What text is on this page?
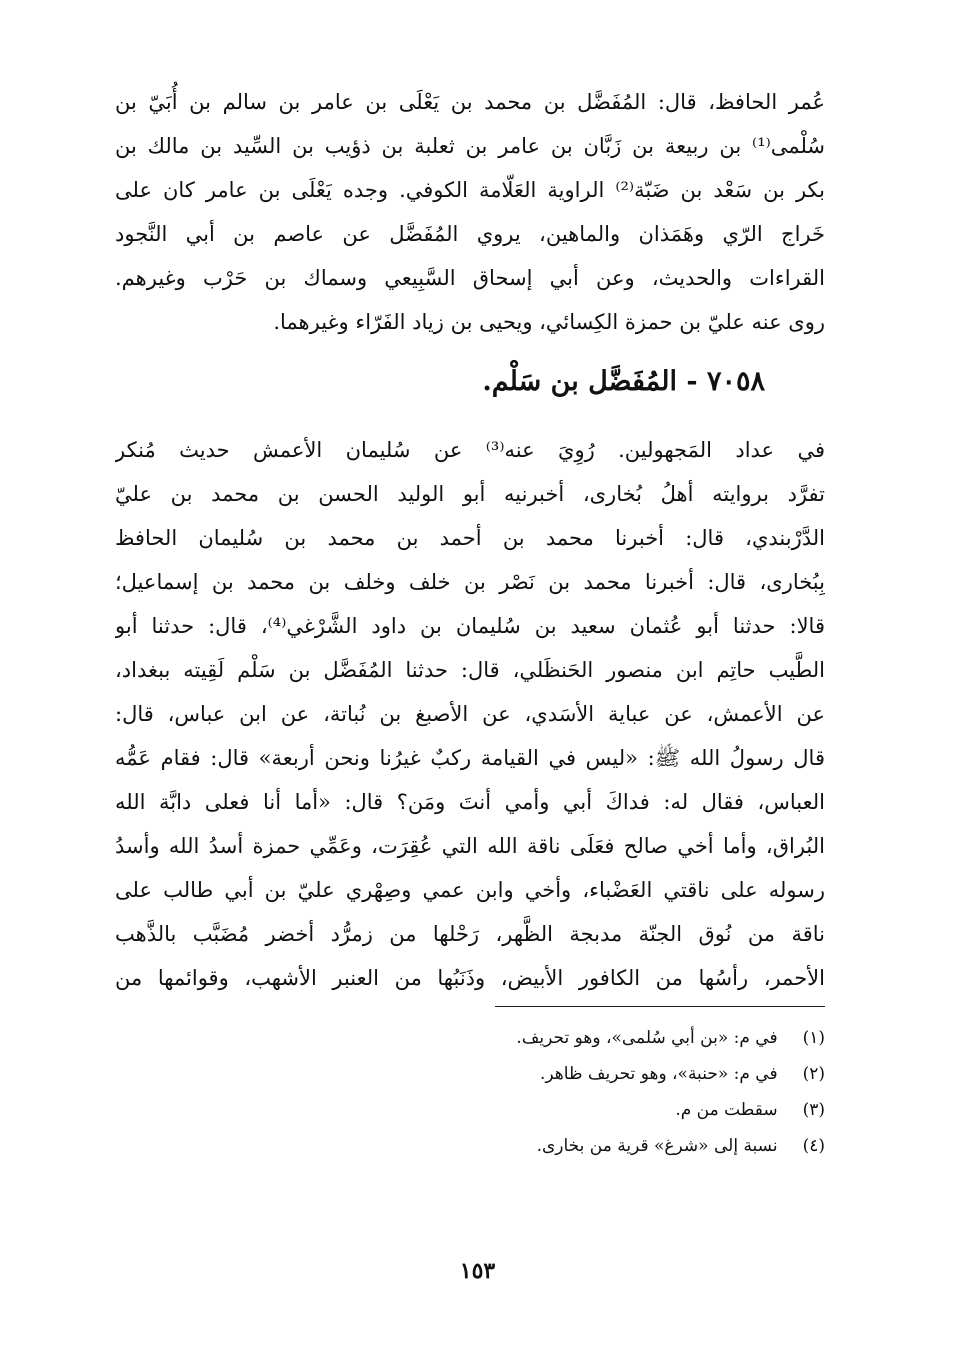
عُمر الحافظ، قال: المُفَضَّل بن محمد بن يَعْلَى بن عامر بن سالم بن أُبَيّ بن
سُلْمى⁽¹⁾ بن ربيعة بن زَبَّان بن عامر بن ثعلبة بن ذؤيب بن السِّيد بن مالك بن
بكر بن سَعْد بن ضَبّة⁽²⁾ الراوية العَلّامة الكوفي. وجده يَعْلَى بن عامر كان على
خَراج الرّي وهَمَذان والماهين، يروي المُفَضَّل عن عاصم بن أبي النَّجود
القراءات والحديث، وعن أبي إسحاق السَّبِيعي وسماك بن حَرْب وغيرهم.
روى عنه عليّ بن حمزة الكِسائي، ويحيى بن زياد الفَرّاء وغيرهما.
٧٠٥٨ - المُفَضَّل بن سَلْم.
في عداد المَجهولين. رُوِيَ عنه⁽³⁾ عن سُليمان الأعمش حديث مُنكر
تفرَّد بروايته أهلُ بُخارى، أخبرنيه أبو الوليد الحسن بن محمد بن عليّ
الدَّرْبندي، قال: أخبرنا محمد بن أحمد بن محمد بن سُليمان الحافظ
بِبُخارى، قال: أخبرنا محمد بن نَصْر بن خلف وخلف بن محمد بن إسماعيل؛
قالا: حدثنا أبو عُثمان سعيد بن سُليمان بن داود الشَّرْغي⁽⁴⁾، قال: حدثنا أبو
الطَّيب حاتِم ابن منصور الحَنظَلي، قال: حدثنا المُفَضَّل بن سَلْم لَقِيته ببغداد،
عن الأعمش، عن عباية الأسَدي، عن الأصبغ بن نُباتة، عن ابن عباس، قال:
قال رسولُ الله ﷺ: «ليس في القيامة ركبٌ غيرُنا ونحن أربعة» قال: فقام عَمُّه
العباس، فقال له: فداكَ أبي وأمي أنتَ ومَن؟ قال: «أما أنا فعلى دابَّة الله
البُراق، وأما أخي صالح فعَلَى ناقة الله التي عُقِرَت، وعَمِّي حمزة أسدُ الله وأسدُ
رسوله على ناقتي العَضْباء، وأخي وابن عمي وصِهْري عليّ بن أبي طالب على
ناقة من نُوق الجنّة مدبجة الظَّهر، رَحْلها من زمرُّد أخضر مُضَبَّب بالذَّهب
الأحمر، رأسُها من الكافور الأبيض، وذَنَبُها من العنبر الأشهب، وقوائمها من
(١) في م: «بن أبي سُلمى»، وهو تحريف.
(٢) في م: «حنبة»، وهو تحريف ظاهر.
(٣) سقطت من م.
(٤) نسبة إلى «شرغ» قرية من بخارى.
١٥٣
